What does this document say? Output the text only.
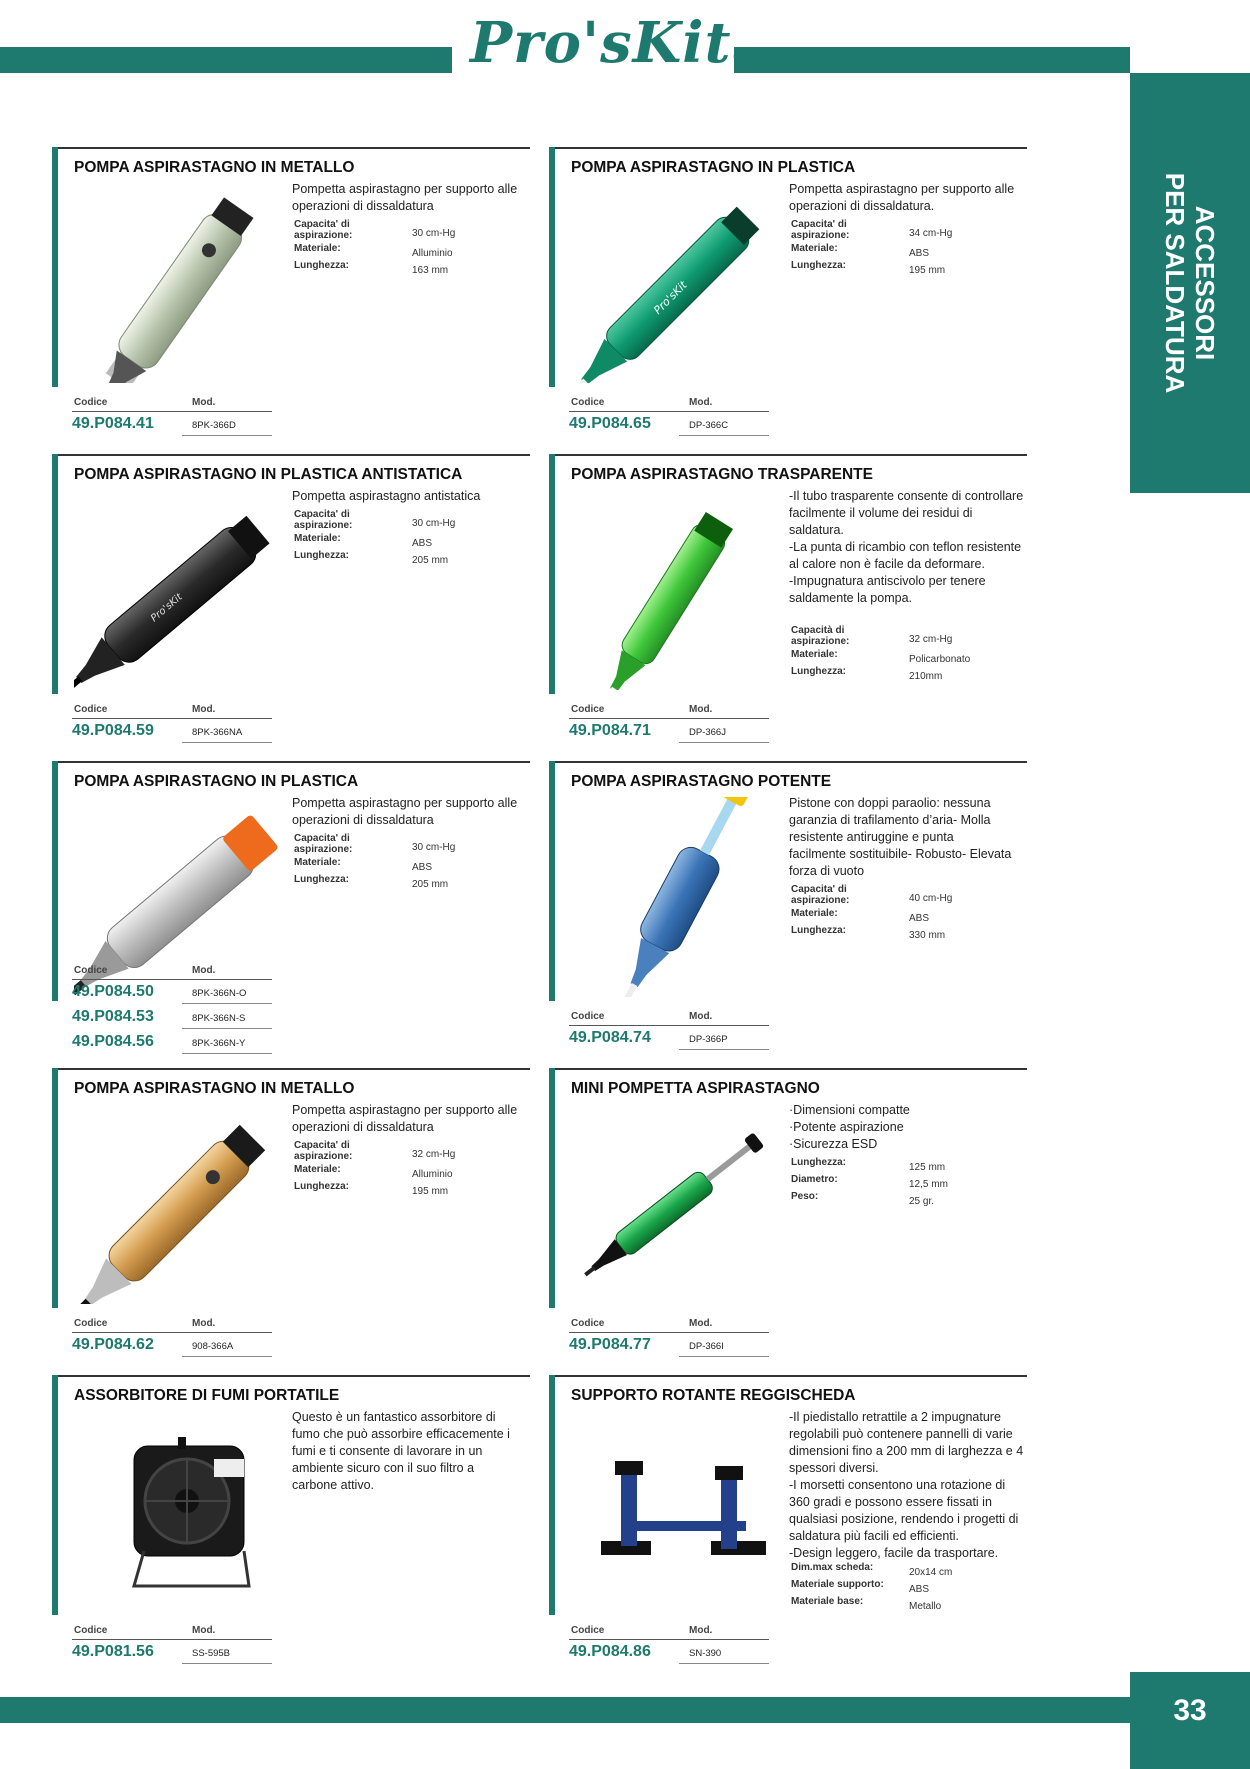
Pro'sKit®
ACCESSORI
PER SALDATURA
POMPA ASPIRASTAGNO IN METALLO
Pompetta aspirastagno per supporto alle operazioni di dissaldatura
Capacita' di aspirazione:	30 cm-Hg
Materiale:	Alluminio
Lunghezza:	163 mm
Codice	Mod.
49.P084.41	8PK-366D
POMPA ASPIRASTAGNO IN PLASTICA
Pro'sKit
Pompetta aspirastagno per supporto alle operazioni di dissaldatura.
Capacita' di aspirazione:	34 cm-Hg
Materiale:	ABS
Lunghezza:	195 mm
Codice	Mod.
49.P084.65	DP-366C
POMPA ASPIRASTAGNO IN PLASTICA ANTISTATICA
Pro'sKit
Pompetta aspirastagno antistatica
Capacita' di aspirazione:	30 cm-Hg
Materiale:	ABS
Lunghezza:	205 mm
Codice	Mod.
49.P084.59	8PK-366NA
POMPA ASPIRASTAGNO TRASPARENTE
-Il tubo trasparente consente di controllare facilmente il volume dei residui di saldatura.
-La punta di ricambio con teflon resistente al calore non è facile da deformare.
-Impugnatura antiscivolo per tenere saldamente la pompa.
Capacità di aspirazione:	32 cm-Hg
Materiale:	Policarbonato
Lunghezza:	210mm
Codice	Mod.
49.P084.71	DP-366J
POMPA ASPIRASTAGNO IN PLASTICA
Pompetta aspirastagno per supporto alle operazioni di dissaldatura
Capacita' di aspirazione:	30 cm-Hg
Materiale:	ABS
Lunghezza:	205 mm
Codice	Mod.
49.P084.50	8PK-366N-O
49.P084.53	8PK-366N-S
49.P084.56	8PK-366N-Y
POMPA ASPIRASTAGNO POTENTE
Pistone con doppi paraolio: nessuna garanzia di trafilamento d’aria- Molla resistente antiruggine e punta facilmente sostituibile- Robusto- Elevata forza di vuoto
Capacita' di aspirazione:	40 cm-Hg
Materiale:	ABS
Lunghezza:	330 mm
Codice	Mod.
49.P084.74	DP-366P
POMPA ASPIRASTAGNO IN METALLO
Pompetta aspirastagno per supporto alle operazioni di dissaldatura
Capacita' di aspirazione:	32 cm-Hg
Materiale:	Alluminio
Lunghezza:	195 mm
Codice	Mod.
49.P084.62	908-366A
MINI POMPETTA ASPIRASTAGNO
·Dimensioni compatte
·Potente aspirazione
·Sicurezza ESD
Lunghezza:	125 mm
Diametro:	12,5 mm
Peso:	25 gr.
Codice	Mod.
49.P084.77	DP-366I
ASSORBITORE DI FUMI PORTATILE
Questo è un fantastico assorbitore di fumo che può assorbire efficacemente i fumi e ti consente di lavorare in un ambiente sicuro con il suo filtro a carbone attivo.
Codice	Mod.
49.P081.56	SS-595B
SUPPORTO ROTANTE REGGISCHEDA
-Il piedistallo retrattile a 2 impugnature regolabili può contenere pannelli di varie dimensioni fino a 200 mm di larghezza e 4 spessori diversi.
-I morsetti consentono una rotazione di 360 gradi e possono essere fissati in qualsiasi posizione, rendendo i progetti di saldatura più facili ed efficienti.
-Design leggero, facile da trasportare.
Dim.max scheda:	20x14 cm
Materiale supporto:	ABS
Materiale base:	Metallo
Codice	Mod.
49.P084.86	SN-390
33
